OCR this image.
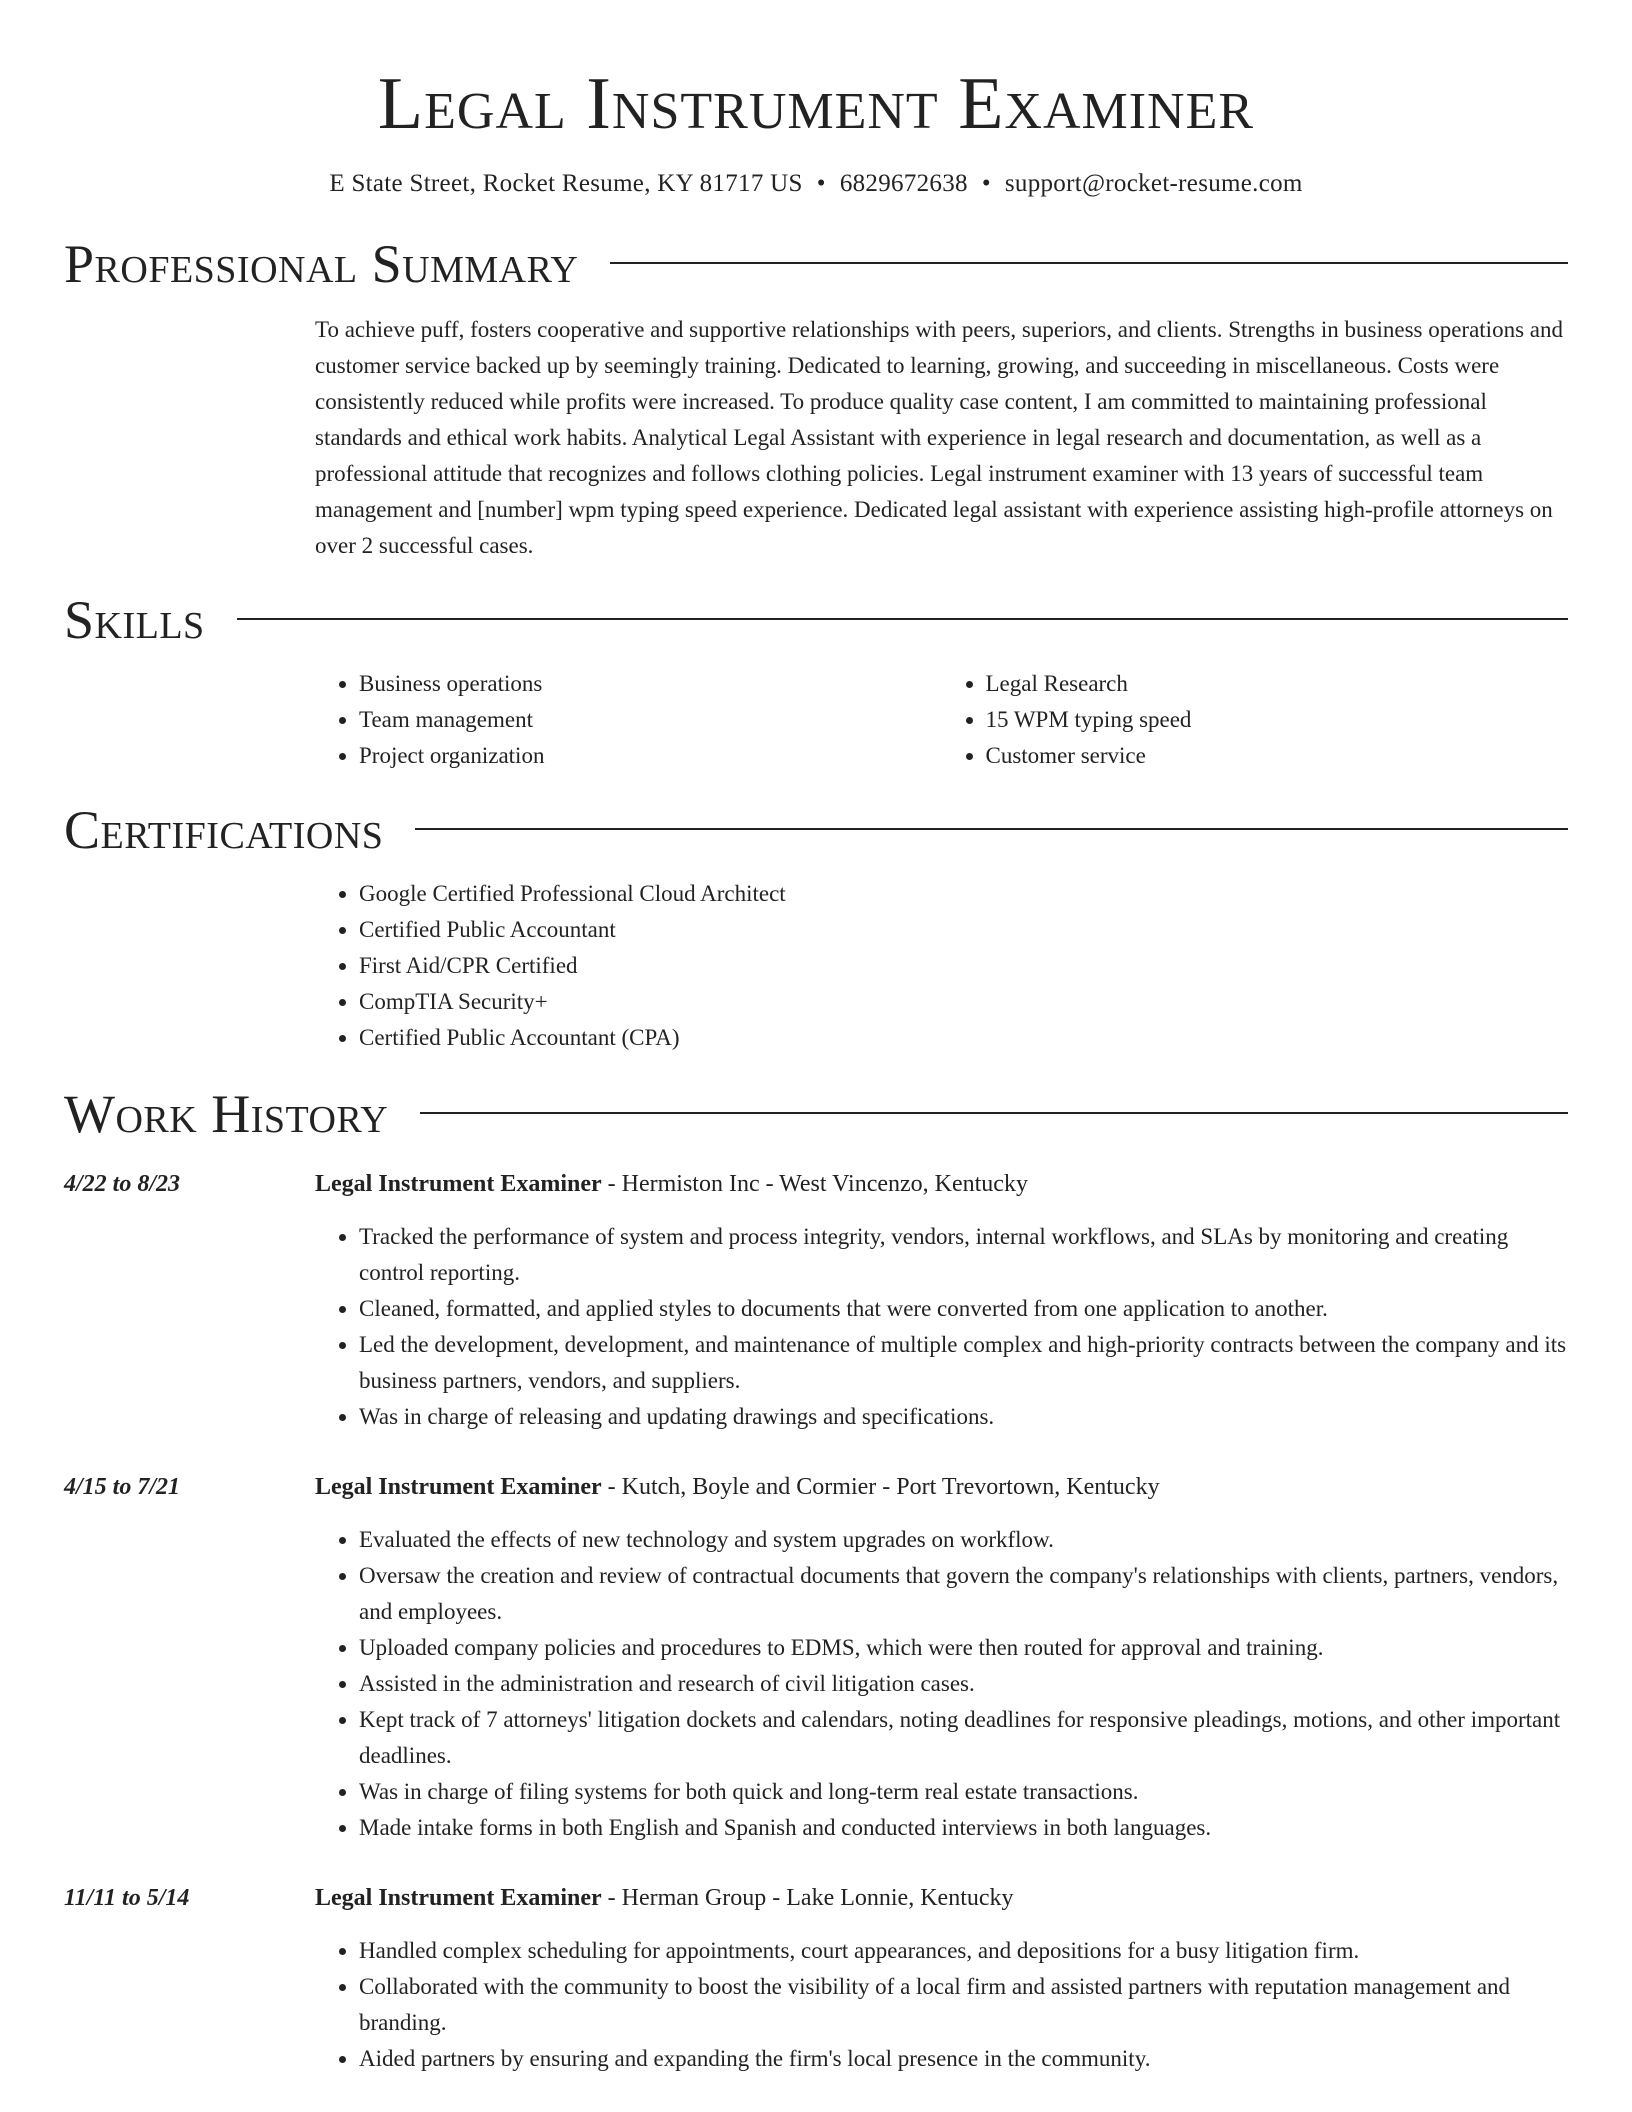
Legal Instrument Examiner
E State Street, Rocket Resume, KY 81717 US • 6829672638 • support@rocket-resume.com
Professional Summary

To achieve puff, fosters cooperative and supportive relationships with peers, superiors, and clients. Strengths in business operations and customer service backed up by seemingly training. Dedicated to learning, growing, and succeeding in miscellaneous. Costs were consistently reduced while profits were increased. To produce quality case content, I am committed to maintaining professional standards and ethical work habits. Analytical Legal Assistant with experience in legal research and documentation, as well as a professional attitude that recognizes and follows clothing policies. Legal instrument examiner with 13 years of successful team management and [number] wpm typing speed experience. Dedicated legal assistant with experience assisting high-profile attorneys on over 2 successful cases.

Skills
• Business operations
• Team management
• Project organization
• Legal Research
• 15 WPM typing speed
• Customer service
Certifications
• Google Certified Professional Cloud Architect
• Certified Public Accountant
• First Aid/CPR Certified
• CompTIA Security+
• Certified Public Accountant (CPA)
Work History
4/22 to 8/23	Legal Instrument Examiner - Hermiston Inc - West Vincenzo, Kentucky
• Tracked the performance of system and process integrity, vendors, internal workflows, and SLAs by monitoring and creating control reporting.
• Cleaned, formatted, and applied styles to documents that were converted from one application to another.
• Led the development, development, and maintenance of multiple complex and high-priority contracts between the company and its business partners, vendors, and suppliers.
• Was in charge of releasing and updating drawings and specifications.
4/15 to 7/21	Legal Instrument Examiner - Kutch, Boyle and Cormier - Port Trevortown, Kentucky
• Evaluated the effects of new technology and system upgrades on workflow.
• Oversaw the creation and review of contractual documents that govern the company's relationships with clients, partners, vendors, and employees.
• Uploaded company policies and procedures to EDMS, which were then routed for approval and training.
• Assisted in the administration and research of civil litigation cases.
• Kept track of 7 attorneys' litigation dockets and calendars, noting deadlines for responsive pleadings, motions, and other important deadlines.
• Was in charge of filing systems for both quick and long-term real estate transactions.
• Made intake forms in both English and Spanish and conducted interviews in both languages.
11/11 to 5/14	Legal Instrument Examiner - Herman Group - Lake Lonnie, Kentucky
• Handled complex scheduling for appointments, court appearances, and depositions for a busy litigation firm.
• Collaborated with the community to boost the visibility of a local firm and assisted partners with reputation management and branding.
• Aided partners by ensuring and expanding the firm's local presence in the community.
